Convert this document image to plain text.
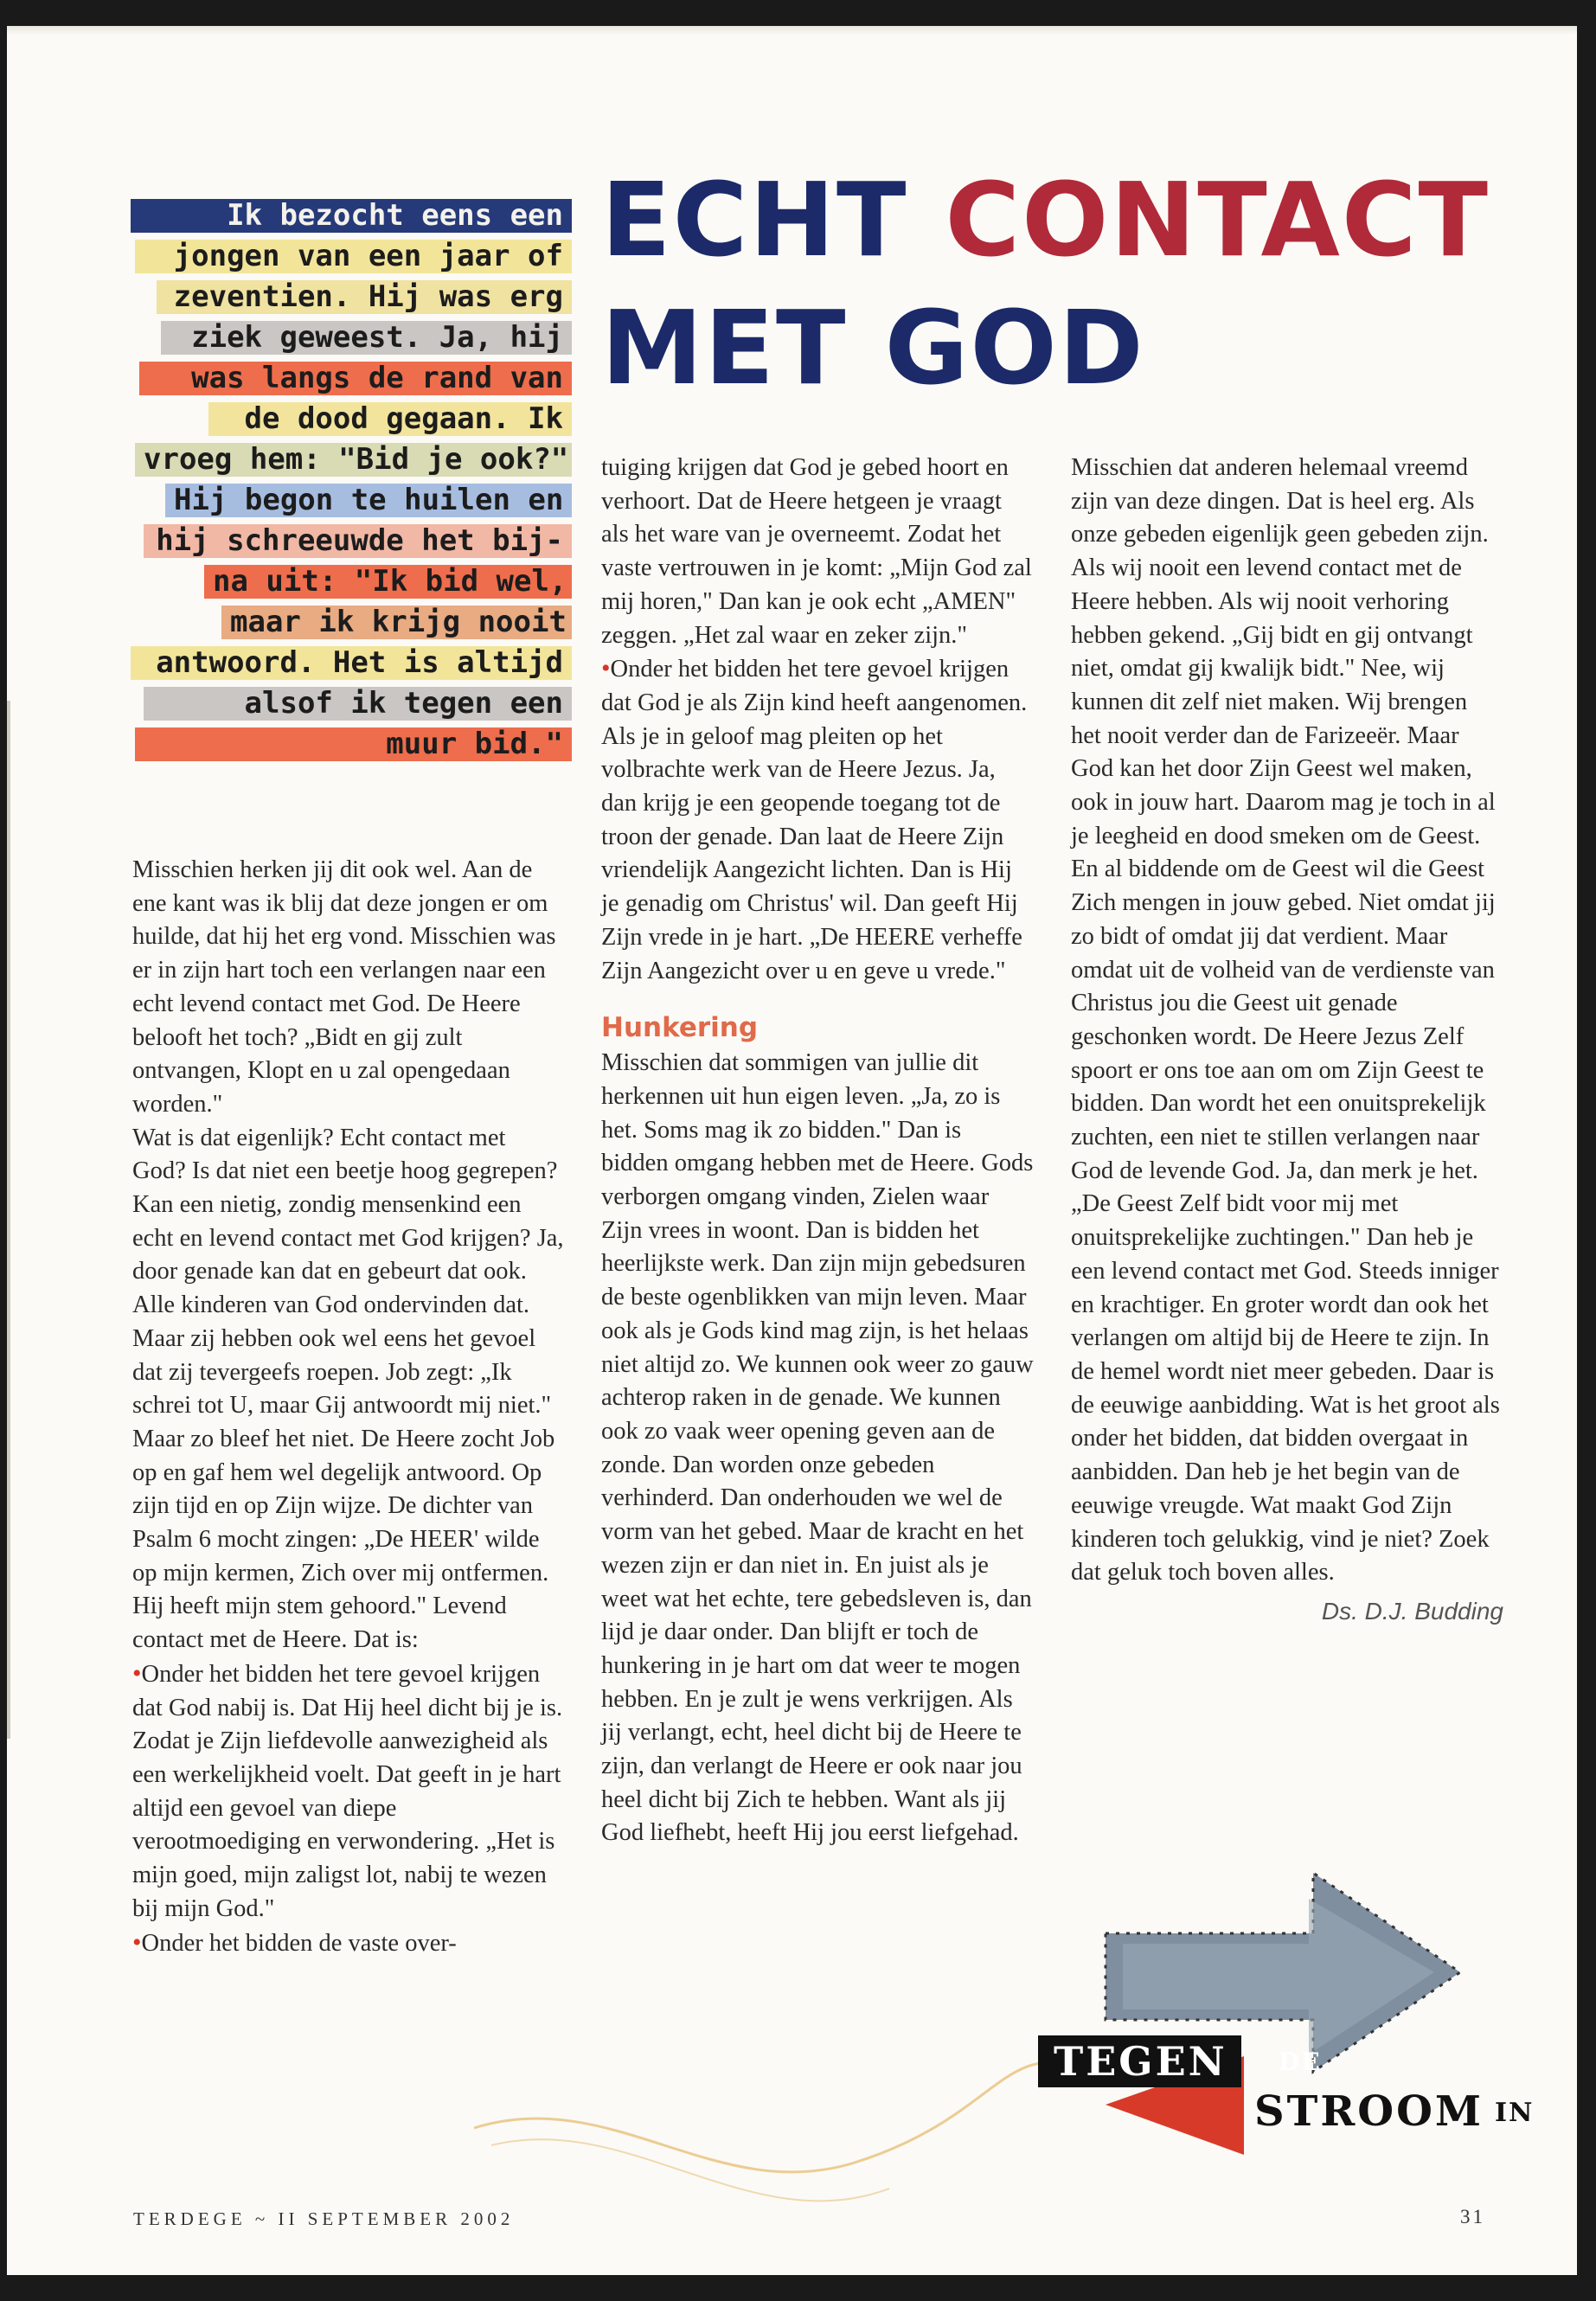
ECHT CONTACT
MET GOD
Ik bezocht eens een
jongen van een jaar of
zeventien. Hij was erg
ziek geweest. Ja, hij
was langs de rand van
de dood gegaan. Ik
vroeg hem: "Bid je ook?"
Hij begon te huilen en
hij schreeuwde het bij-
na uit: "Ik bid wel,
maar ik krijg nooit
antwoord. Het is altijd
alsof ik tegen een
muur bid."

Misschien herken jij dit ook wel. Aan de ene kant was ik blij dat deze jongen er om huilde, dat hij het erg vond. Misschien was er in zijn hart toch een verlangen naar een echt levend contact met God. De Heere belooft het toch? „Bidt en gij zult ontvangen, Klopt en u zal opengedaan worden."

Wat is dat eigenlijk? Echt contact met God? Is dat niet een beetje hoog gegrepen? Kan een nietig, zondig mensenkind een echt en levend contact met God krijgen? Ja, door genade kan dat en gebeurt dat ook. Alle kinderen van God ondervinden dat. Maar zij hebben ook wel eens het gevoel dat zij tevergeefs roepen. Job zegt: „Ik schrei tot U, maar Gij antwoordt mij niet." Maar zo bleef het niet. De Heere zocht Job op en gaf hem wel degelijk antwoord. Op zijn tijd en op Zijn wijze. De dichter van Psalm 6 mocht zingen: „De HEER' wilde op mijn kermen, Zich over mij ontfermen. Hij heeft mijn stem gehoord." Levend contact met de Heere. Dat is:

• Onder het bidden het tere gevoel krijgen dat God nabij is. Dat Hij heel dicht bij je is. Zodat je Zijn liefdevolle aanwezigheid als een werkelijkheid voelt. Dat geeft in je hart altijd een gevoel van diepe verootmoediging en verwondering. „Het is mijn goed, mijn zaligst lot, nabij te wezen bij mijn God."

• Onder het bidden de vaste over-

tuiging krijgen dat God je gebed hoort en verhoort. Dat de Heere hetgeen je vraagt als het ware van je overneemt. Zodat het vaste vertrouwen in je komt: „Mijn God zal mij horen," Dan kan je ook echt „AMEN" zeggen. „Het zal waar en zeker zijn."

• Onder het bidden het tere gevoel krijgen dat God je als Zijn kind heeft aangenomen. Als je in geloof mag pleiten op het volbrachte werk van de Heere Jezus. Ja, dan krijg je een geopende toegang tot de troon der genade. Dan laat de Heere Zijn vriendelijk Aangezicht lichten. Dan is Hij je genadig om Christus' wil. Dan geeft Hij Zijn vrede in je hart. „De HEERE verheffe Zijn Aangezicht over u en geve u vrede."

Hunkering

Misschien dat sommigen van jullie dit herkennen uit hun eigen leven. „Ja, zo is het. Soms mag ik zo bidden." Dan is bidden omgang hebben met de Heere. Gods verborgen omgang vinden, Zielen waar Zijn vrees in woont. Dan is bidden het heerlijkste werk. Dan zijn mijn gebedsuren de beste ogenblikken van mijn leven. Maar ook als je Gods kind mag zijn, is het helaas niet altijd zo. We kunnen ook weer zo gauw achterop raken in de genade. We kunnen ook zo vaak weer opening geven aan de zonde. Dan worden onze gebeden verhinderd. Dan onderhouden we wel de vorm van het gebed. Maar de kracht en het wezen zijn er dan niet in. En juist als je weet wat het echte, tere gebedsleven is, dan lijd je daar onder. Dan blijft er toch de hunkering in je hart om dat weer te mogen hebben. En je zult je wens verkrijgen. Als jij verlangt, echt, heel dicht bij de Heere te zijn, dan verlangt de Heere er ook naar jou heel dicht bij Zich te hebben. Want als jij God liefhebt, heeft Hij jou eerst liefgehad.

Misschien dat anderen helemaal vreemd zijn van deze dingen. Dat is heel erg. Als onze gebeden eigenlijk geen gebeden zijn. Als wij nooit een levend contact met de Heere hebben. Als wij nooit verhoring hebben gekend. „Gij bidt en gij ontvangt niet, omdat gij kwalijk bidt." Nee, wij kunnen dit zelf niet maken. Wij brengen het nooit verder dan de Farizeeër. Maar God kan het door Zijn Geest wel maken, ook in jouw hart. Daarom mag je toch in al je leegheid en dood smeken om de Geest. En al biddende om de Geest wil die Geest Zich mengen in jouw gebed. Niet omdat jij zo bidt of omdat jij dat verdient. Maar omdat uit de volheid van de verdienste van Christus jou die Geest uit genade geschonken wordt. De Heere Jezus Zelf spoort er ons toe aan om om Zijn Geest te bidden. Dan wordt het een onuitsprekelijk zuchten, een niet te stillen verlangen naar God de levende God. Ja, dan merk je het. „De Geest Zelf bidt voor mij met onuitsprekelijke zuchtingen." Dan heb je een levend contact met God. Steeds inniger en krachtiger. En groter wordt dan ook het verlangen om altijd bij de Heere te zijn. In de hemel wordt niet meer gebeden. Daar is de eeuwige aanbidding. Wat is het groot als onder het bidden, dat bidden overgaat in aanbidden. Dan heb je het begin van de eeuwige vreugde. Wat maakt God Zijn kinderen toch gelukkig, vind je niet? Zoek dat geluk toch boven alles.

Ds. D.J. Budding
TEGEN	DE
STROOM IN
TERDEGE ~ II SEPTEMBER 2002	31
